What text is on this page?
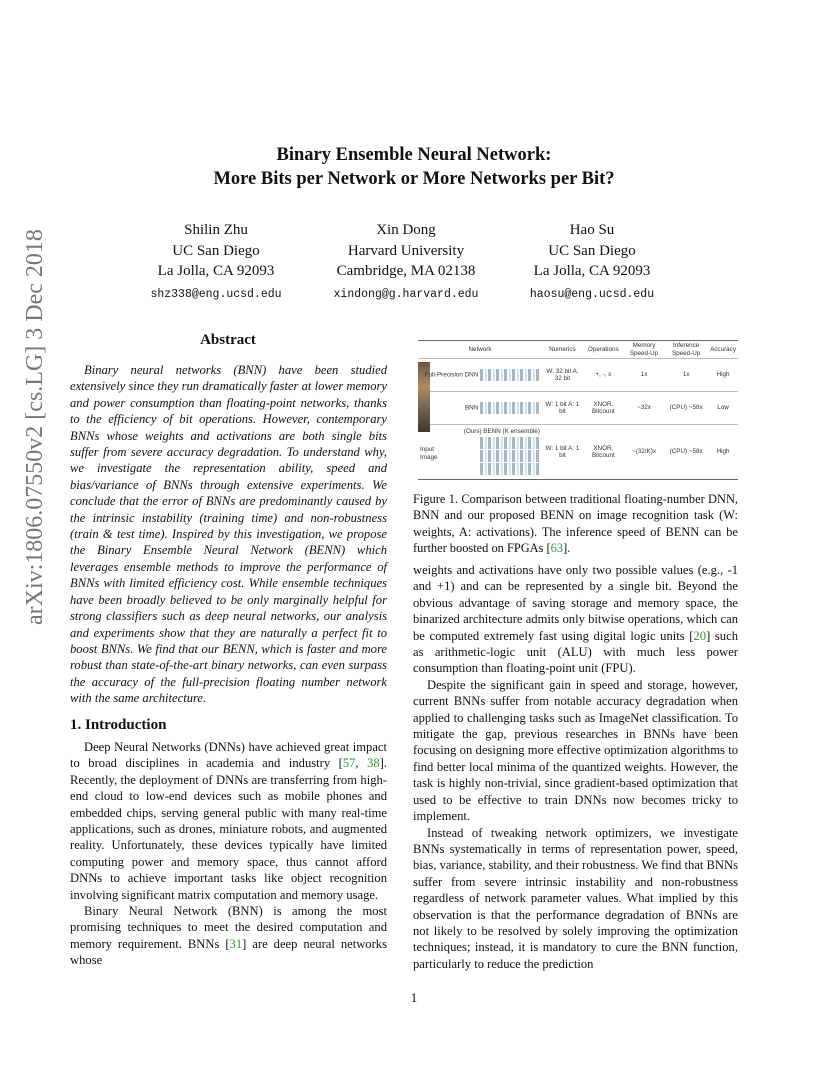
arXiv:1806.07550v2 [cs.LG] 3 Dec 2018
Binary Ensemble Neural Network:
More Bits per Network or More Networks per Bit?
Shilin Zhu
UC San Diego
La Jolla, CA 92093
shz338@eng.ucsd.edu
Xin Dong
Harvard University
Cambridge, MA 02138
xindong@g.harvard.edu
Hao Su
UC San Diego
La Jolla, CA 92093
haosu@eng.ucsd.edu
Abstract
Binary neural networks (BNN) have been studied extensively since they run dramatically faster at lower memory and power consumption than floating-point networks, thanks to the efficiency of bit operations. However, contemporary BNNs whose weights and activations are both single bits suffer from severe accuracy degradation. To understand why, we investigate the representation ability, speed and bias/variance of BNNs through extensive experiments. We conclude that the error of BNNs are predominantly caused by the intrinsic instability (training time) and non-robustness (train & test time). Inspired by this investigation, we propose the Binary Ensemble Neural Network (BENN) which leverages ensemble methods to improve the performance of BNNs with limited efficiency cost. While ensemble techniques have been broadly believed to be only marginally helpful for strong classifiers such as deep neural networks, our analysis and experiments show that they are naturally a perfect fit to boost BNNs. We find that our BENN, which is faster and more robust than state-of-the-art binary networks, can even surpass the accuracy of the full-precision floating number network with the same architecture.
1. Introduction

Deep Neural Networks (DNNs) have achieved great impact to broad disciplines in academia and industry [57, 38]. Recently, the deployment of DNNs are transferring from high-end cloud to low-end devices such as mobile phones and embedded chips, serving general public with many real-time applications, such as drones, miniature robots, and augmented reality. Unfortunately, these devices typically have limited computing power and memory space, thus cannot afford DNNs to achieve important tasks like object recognition involving significant matrix computation and memory usage.

Binary Neural Network (BNN) is among the most promising techniques to meet the desired computation and memory requirement. BNNs [31] are deep neural networks whose

Network	Numerics	Operations	Memory Speed-Up	Inference Speed-Up	Accuracy
Full-Precision DNN	W: 32 bit A: 32 bit	+, -, x	1x	1x	High
BNN	W: 1 bit A: 1 bit	XNOR, Bitcount	~32x	(CPU) ~58x	Low

Input Image
(Ours) BENN (K ensemble)	W: 1 bit A: 1 bit	XNOR, Bitcount	~(32/K)x	(CPU) ~58x	High
Figure 1. Comparison between traditional floating-number DNN, BNN and our proposed BENN on image recognition task (W: weights, A: activations). The inference speed of BENN can be further boosted on FPGAs [63].

weights and activations have only two possible values (e.g., -1 and +1) and can be represented by a single bit. Beyond the obvious advantage of saving storage and memory space, the binarized architecture admits only bitwise operations, which can be computed extremely fast using digital logic units [20] such as arithmetic-logic unit (ALU) with much less power consumption than floating-point unit (FPU).

Despite the significant gain in speed and storage, however, current BNNs suffer from notable accuracy degradation when applied to challenging tasks such as ImageNet classification. To mitigate the gap, previous researches in BNNs have been focusing on designing more effective optimization algorithms to find better local minima of the quantized weights. However, the task is highly non-trivial, since gradient-based optimization that used to be effective to train DNNs now becomes tricky to implement.

Instead of tweaking network optimizers, we investigate BNNs systematically in terms of representation power, speed, bias, variance, stability, and their robustness. We find that BNNs suffer from severe intrinsic instability and non-robustness regardless of network parameter values. What implied by this observation is that the performance degradation of BNNs are not likely to be resolved by solely improving the optimization techniques; instead, it is mandatory to cure the BNN function, particularly to reduce the prediction

1
